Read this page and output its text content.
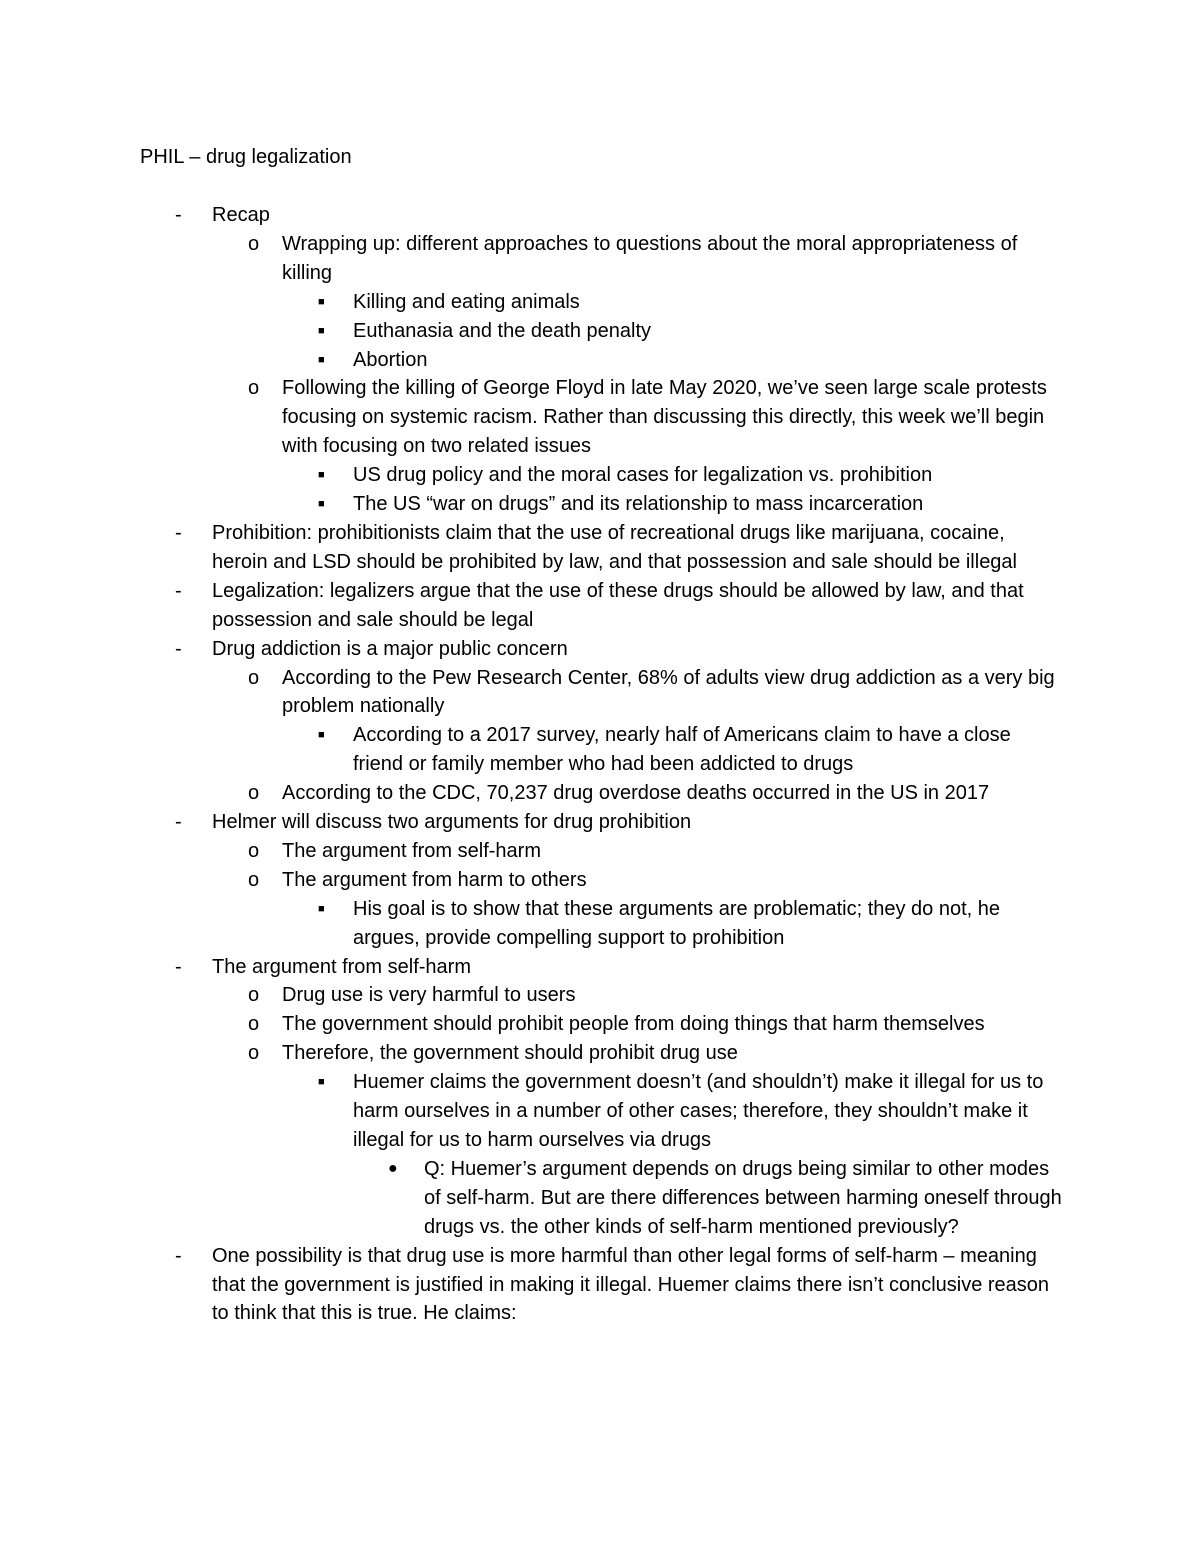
PHIL – drug legalization
- Recap
o Wrapping up: different approaches to questions about the moral appropriateness of killing
■ Killing and eating animals
■ Euthanasia and the death penalty
■ Abortion
o Following the killing of George Floyd in late May 2020, we’ve seen large scale protests focusing on systemic racism. Rather than discussing this directly, this week we’ll begin with focusing on two related issues
■ US drug policy and the moral cases for legalization vs. prohibition
■ The US “war on drugs” and its relationship to mass incarceration
- Prohibition: prohibitionists claim that the use of recreational drugs like marijuana, cocaine, heroin and LSD should be prohibited by law, and that possession and sale should be illegal
- Legalization: legalizers argue that the use of these drugs should be allowed by law, and that possession and sale should be legal
- Drug addiction is a major public concern
o According to the Pew Research Center, 68% of adults view drug addiction as a very big problem nationally
■ According to a 2017 survey, nearly half of Americans claim to have a close friend or family member who had been addicted to drugs
o According to the CDC, 70,237 drug overdose deaths occurred in the US in 2017
- Helmer will discuss two arguments for drug prohibition
o The argument from self-harm
o The argument from harm to others
■ His goal is to show that these arguments are problematic; they do not, he argues, provide compelling support to prohibition
- The argument from self-harm
o Drug use is very harmful to users
o The government should prohibit people from doing things that harm themselves
o Therefore, the government should prohibit drug use
■ Huemer claims the government doesn’t (and shouldn’t) make it illegal for us to harm ourselves in a number of other cases; therefore, they shouldn’t make it illegal for us to harm ourselves via drugs
● Q: Huemer’s argument depends on drugs being similar to other modes of self-harm. But are there differences between harming oneself through drugs vs. the other kinds of self-harm mentioned previously?
- One possibility is that drug use is more harmful than other legal forms of self-harm – meaning that the government is justified in making it illegal. Huemer claims there isn’t conclusive reason to think that this is true. He claims:
